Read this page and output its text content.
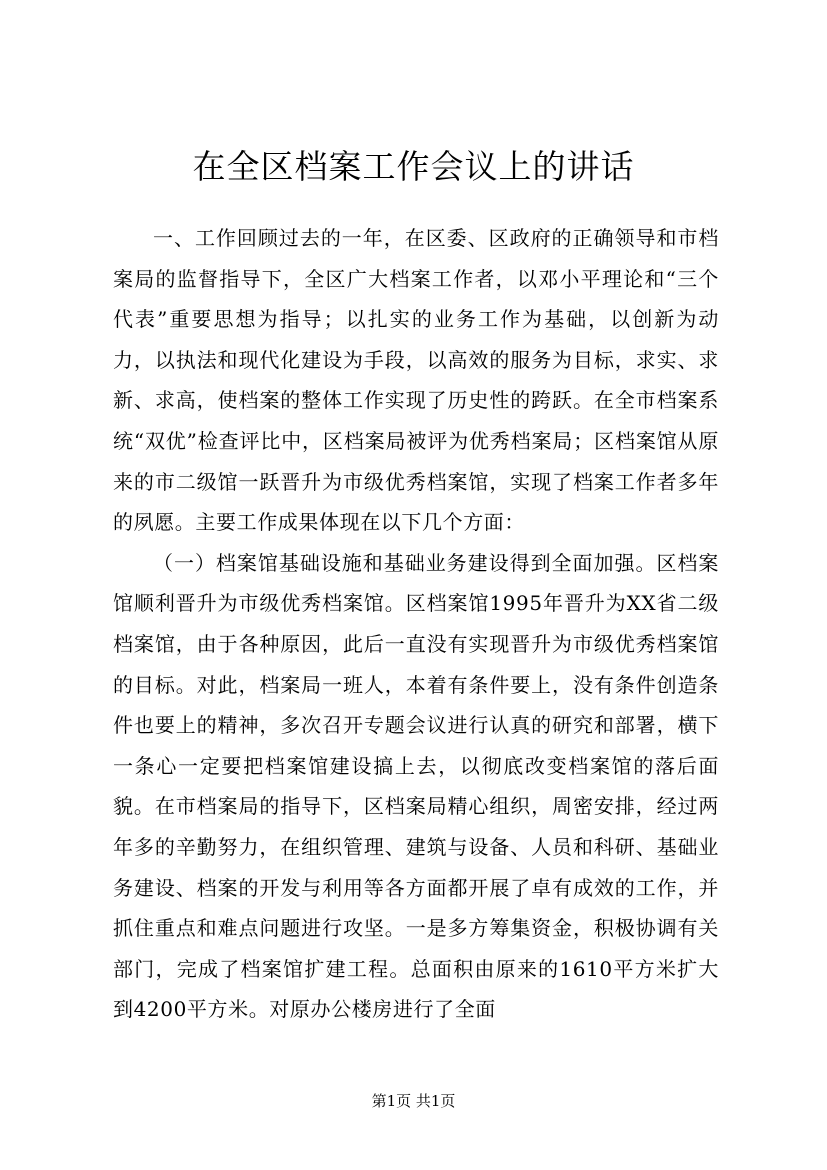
在全区档案工作会议上的讲话

一、工作回顾过去的一年，在区委、区政府的正确领导和市档案局的监督指导下，全区广大档案工作者，以邓小平理论和“三个代表”重要思想为指导；以扎实的业务工作为基础，以创新为动力，以执法和现代化建设为手段，以高效的服务为目标，求实、求新、求高，使档案的整体工作实现了历史性的跨跃。在全市档案系统“双优”检查评比中，区档案局被评为优秀档案局；区档案馆从原来的市二级馆一跃晋升为市级优秀档案馆，实现了档案工作者多年的夙愿。主要工作成果体现在以下几个方面：

（一）档案馆基础设施和基础业务建设得到全面加强。区档案馆顺利晋升为市级优秀档案馆。区档案馆1995年晋升为XX省二级档案馆，由于各种原因，此后一直没有实现晋升为市级优秀档案馆的目标。对此，档案局一班人，本着有条件要上，没有条件创造条件也要上的精神，多次召开专题会议进行认真的研究和部署，横下一条心一定要把档案馆建设搞上去，以彻底改变档案馆的落后面貌。在市档案局的指导下，区档案局精心组织，周密安排，经过两年多的辛勤努力，在组织管理、建筑与设备、人员和科研、基础业务建设、档案的开发与利用等各方面都开展了卓有成效的工作，并抓住重点和难点问题进行攻坚。一是多方筹集资金，积极协调有关部门，完成了档案馆扩建工程。总面积由原来的1610平方米扩大到4200平方米。对原办公楼房进行了全面

第1页 共1页
